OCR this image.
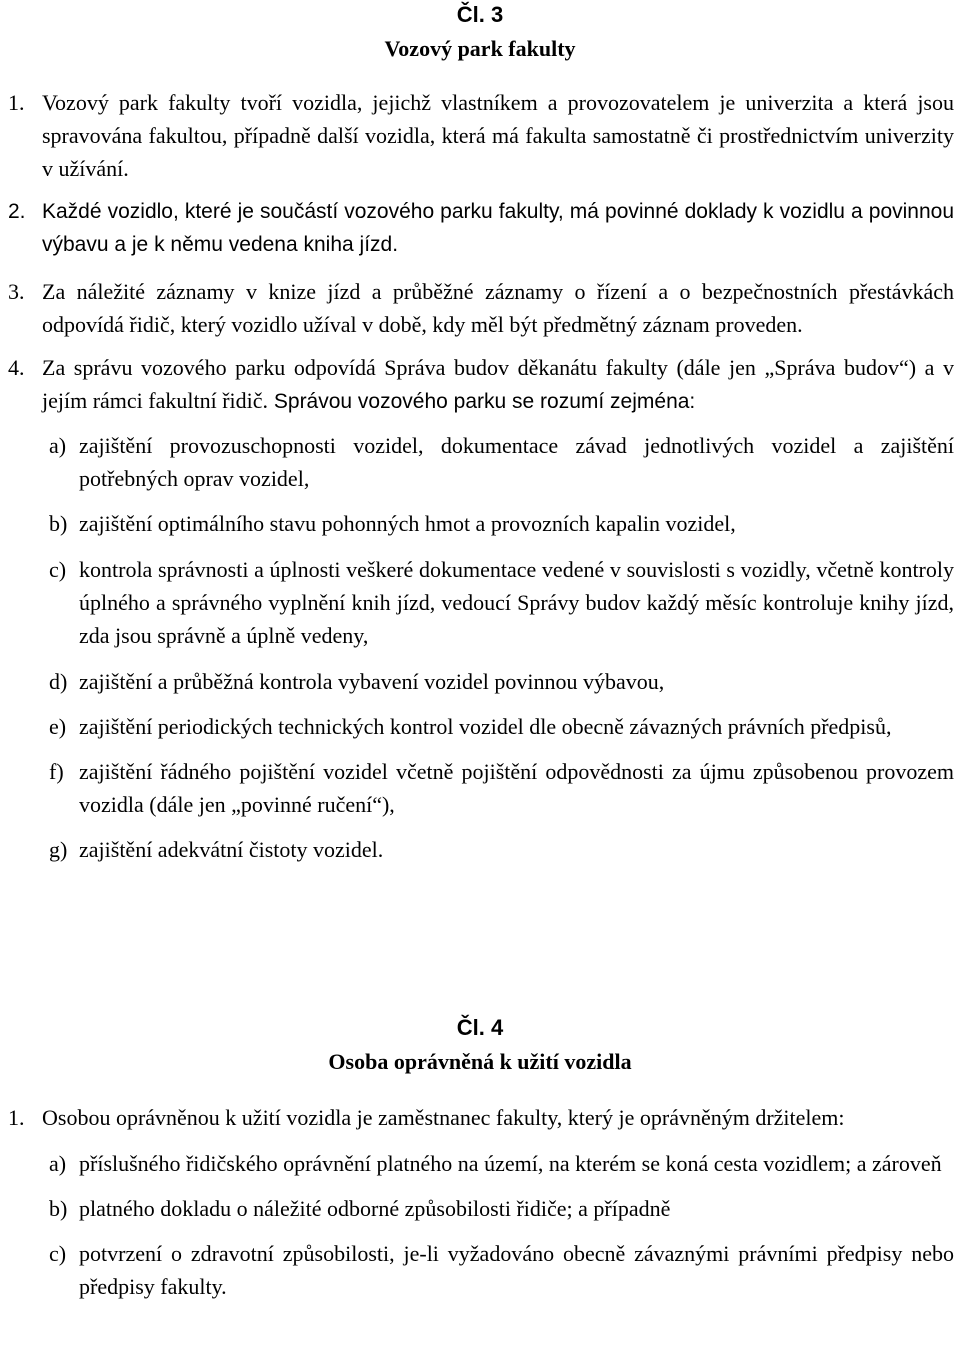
Čl. 3

Vozový park fakulty

1. Vozový park fakulty tvoří vozidla, jejichž vlastníkem a provozovatelem je univerzita a která jsou spravována fakultou, případně další vozidla, která má fakulta samostatně či prostřednictvím univerzity v užívání.

2. Každé vozidlo, které je součástí vozového parku fakulty, má povinné doklady k vozidlu a povinnou výbavu a je k němu vedena kniha jízd.

3. Za náležité záznamy v knize jízd a průběžné záznamy o řízení a o bezpečnostních přestávkách odpovídá řidič, který vozidlo užíval v době, kdy měl být předmětný záznam proveden.

4. Za správu vozového parku odpovídá Správa budov děkanátu fakulty (dále jen „Správa budov“) a v jejím rámci fakultní řidič. Správou vozového parku se rozumí zejména:

a) zajištění provozuschopnosti vozidel, dokumentace závad jednotlivých vozidel a zajištění potřebných oprav vozidel,

b) zajištění optimálního stavu pohonných hmot a provozních kapalin vozidel,

c) kontrola správnosti a úplnosti veškeré dokumentace vedené v souvislosti s vozidly, včetně kontroly úplného a správného vyplnění knih jízd, vedoucí Správy budov každý měsíc kontroluje knihy jízd, zda jsou správně a úplně vedeny,

d) zajištění a průběžná kontrola vybavení vozidel povinnou výbavou,

e) zajištění periodických technických kontrol vozidel dle obecně závazných právních předpisů,

f) zajištění řádného pojištění vozidel včetně pojištění odpovědnosti za újmu způsobenou provozem vozidla (dále jen „povinné ručení“),

g) zajištění adekvátní čistoty vozidel.

Čl. 4

Osoba oprávněná k užití vozidla

1. Osobou oprávněnou k užití vozidla je zaměstnanec fakulty, který je oprávněným držitelem:

a) příslušného řidičského oprávnění platného na území, na kterém se koná cesta vozidlem; a zároveň

b) platného dokladu o náležité odborné způsobilosti řidiče; a případně

c) potvrzení o zdravotní způsobilosti, je-li vyžadováno obecně závaznými právními předpisy nebo předpisy fakulty.
